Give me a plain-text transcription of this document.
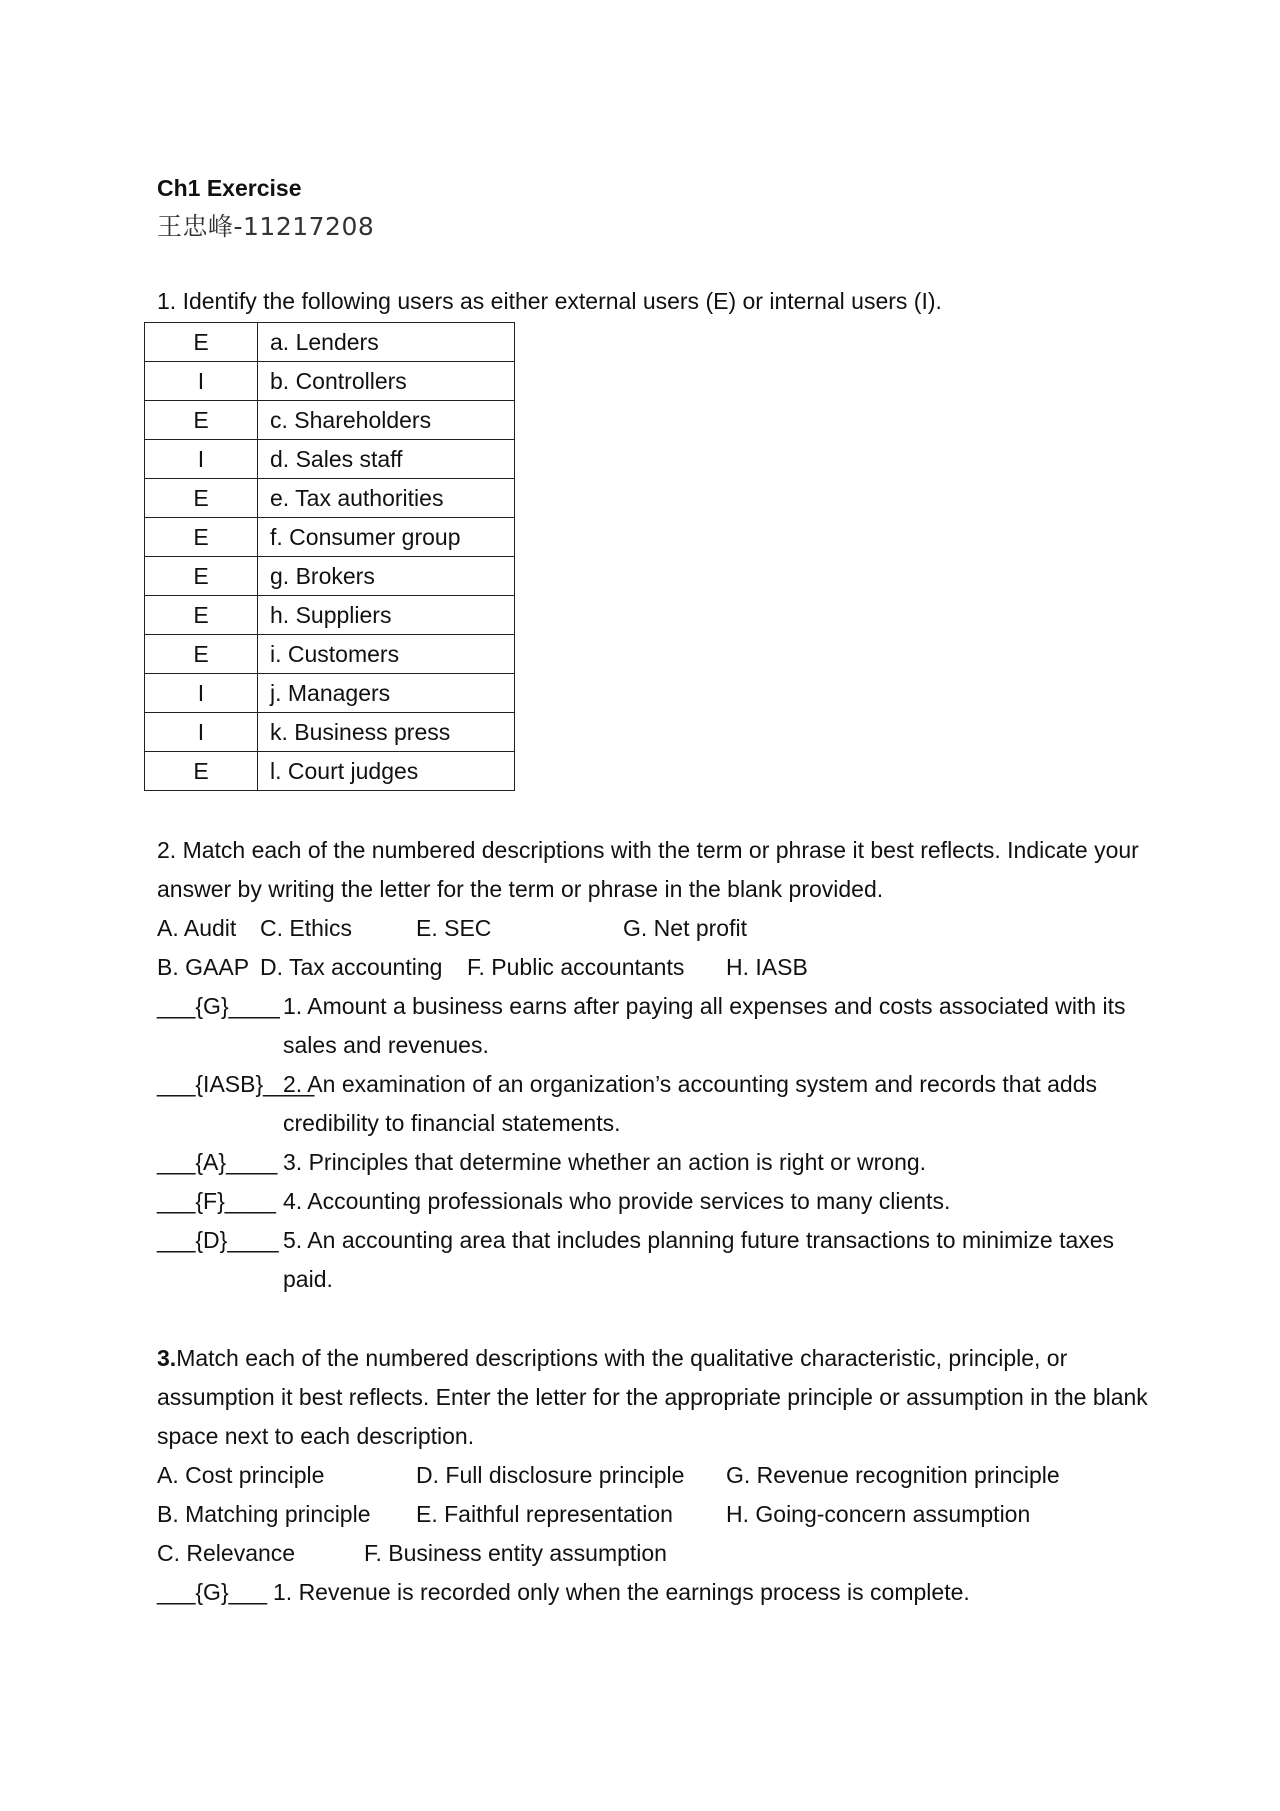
Ch1 Exercise
王忠峰-11217208
1. Identify the following users as either external users (E) or internal users (I).
E	a. Lenders
I	b. Controllers
E	c. Shareholders
I	d. Sales staff
E	e. Tax authorities
E	f. Consumer group
E	g. Brokers
E	h. Suppliers
E	i. Customers
I	j. Managers
I	k. Business press
E	l. Court judges
2. Match each of the numbered descriptions with the term or phrase it best reflects. Indicate your answer by writing the letter for the term or phrase in the blank provided.
A. Audit C. Ethics	E. SEC	G. Net profit
B. GAAP D. Tax accounting F. Public accountants H. IASB
___{G}____ 1. Amount a business earns after paying all expenses and costs associated with its sales and revenues.
___{IASB}____
2. An examination of an organization’s accounting system and records that adds credibility to financial statements.
___{A}____ 3. Principles that determine whether an action is right or wrong.
___{F}____ 4. Accounting professionals who provide services to many clients.
___{D}____ 5. An accounting area that includes planning future transactions to minimize taxes paid.
3.Match each of the numbered descriptions with the qualitative characteristic, principle, or assumption it best reflects. Enter the letter for the appropriate principle or assumption in the blank space next to each description.
A. Cost principle	D. Full disclosure principle G. Revenue recognition principle
B. Matching principle E. Faithful representation H. Going-concern assumption
C. Relevance	F. Business entity assumption
___{G}___ 1. Revenue is recorded only when the earnings process is complete.
